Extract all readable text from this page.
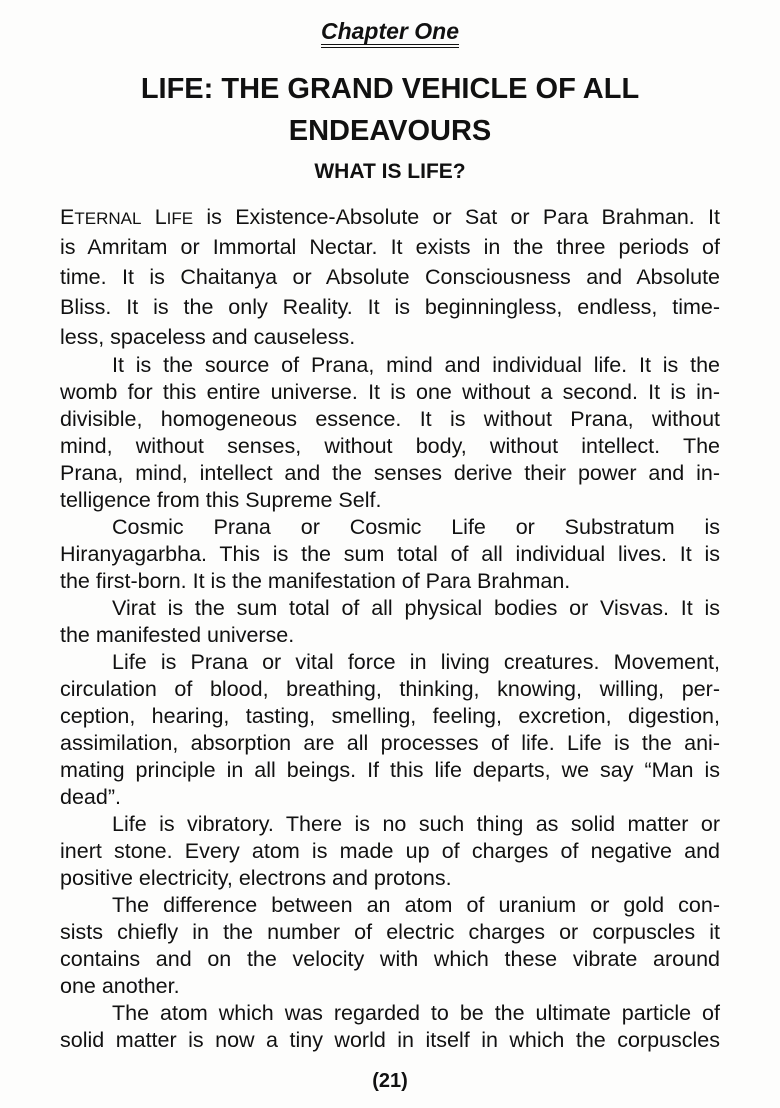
Chapter One
LIFE: THE GRAND VEHICLE OF ALL
ENDEAVOURS
WHAT IS LIFE?
ETERNAL LIFE is Existence-Absolute or Sat or Para Brahman. It
is Amritam or Immortal Nectar. It exists in the three periods of
time. It is Chaitanya or Absolute Consciousness and Absolute
Bliss. It is the only Reality. It is beginningless, endless, time-
less, spaceless and causeless.
It is the source of Prana, mind and individual life. It is the
womb for this entire universe. It is one without a second. It is in-
divisible, homogeneous essence. It is without Prana, without
mind, without senses, without body, without intellect. The
Prana, mind, intellect and the senses derive their power and in-
telligence from this Supreme Self.
Cosmic Prana or Cosmic Life or Substratum is
Hiranyagarbha. This is the sum total of all individual lives. It is
the first-born. It is the manifestation of Para Brahman.
Virat is the sum total of all physical bodies or Visvas. It is
the manifested universe.
Life is Prana or vital force in living creatures. Movement,
circulation of blood, breathing, thinking, knowing, willing, per-
ception, hearing, tasting, smelling, feeling, excretion, digestion,
assimilation, absorption are all processes of life. Life is the ani-
mating principle in all beings. If this life departs, we say “Man is
dead”.
Life is vibratory. There is no such thing as solid matter or
inert stone. Every atom is made up of charges of negative and
positive electricity, electrons and protons.
The difference between an atom of uranium or gold con-
sists chiefly in the number of electric charges or corpuscles it
contains and on the velocity with which these vibrate around
one another.
The atom which was regarded to be the ultimate particle of
solid matter is now a tiny world in itself in which the corpuscles
(21)
